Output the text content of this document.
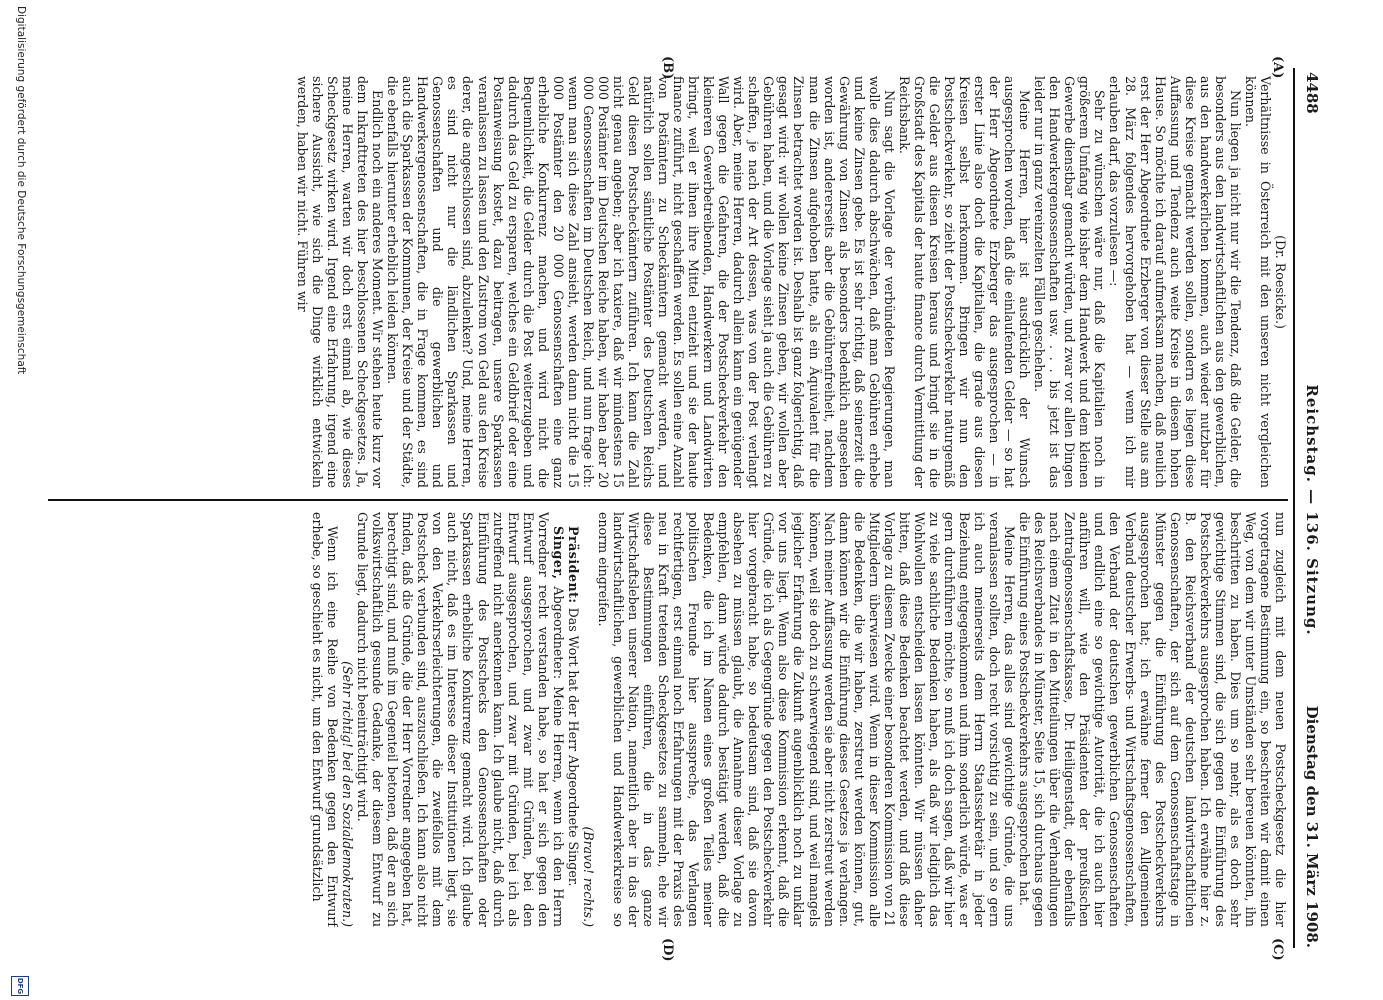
4488
Reichstag. — 136. Sitzung.
Dienstag den 31. März 1908.
(A)
(B)
(C)
(D)

(Dr. Roesicke.)

Verhältnisse in Österreich mit den unseren nicht vergleichen können.

Nun liegen ja nicht nur wir die Tendenz, daß die Gelder, die besonders aus den landwirtschaftlichen aus den gewerblichen, aus den handwerkerlichen kommen, auch wieder nutzbar für diese Kreise gemacht werden sollen, sondern es liegen diese Auffassung und Tendenz auch weite Kreise in diesem hohen Hause. So möchte ich darauf aufmerksam machen, daß neulich erst der Herr Abgeordnete Erzberger von dieser Stelle aus am 28. März folgendes hervorgehoben hat — wenn ich mir erlauben darf, das vorzulesen —:

Sehr zu wünschen wäre nur, daß die Kapitalien noch in größerem Umfang wie bisher dem Handwerk und dem kleinen Gewerbe dienstbar gemacht würden, und zwar vor allen Dingen den Handwerkergenossenschaften usw. . . . bis jetzt ist das leider nur in ganz vereinzelten Fällen geschehen.

Meine Herren, hier ist ausdrücklich der Wunsch ausgesprochen worden, daß die einlaufenden Gelder — so hat der Herr Abgeordnete Erzberger das ausgesprochen — in erster Linie also doch die Kapitalien, die grade aus diesen Kreisen selbst herkommen. Bringen wir nun den Postscheckverkehr, so zieht der Postscheckverkehr naturgemäß die Gelder aus diesen Kreisen heraus und bringt sie in die Großstadt des Kapitals der haute finance durch Vermittlung der Reichsbank.

Nun sagt die Vorlage der verbündeten Regierungen, man wolle dies dadurch abschwächen, daß man Gebühren erhebe und keine Zinsen gebe. Es ist sehr richtig, daß seinerzeit die Gewährung von Zinsen als besonders bedenklich angesehen worden ist, andererseits aber die Gebührenfreiheit, nachdem man die Zinsen aufgehoben hatte, als ein Äquivalent für die Zinsen betrachtet worden ist. Deshalb ist ganz folgerichtig, daß gesagt wird: wir wollen keine Zinsen geben, wir wollen aber Gebühren haben, und die Vorlage sieht ja auch die Gebühren zu schaffen, je nach der Art dessen, was von der Post verlangt wird. Aber, meine Herren, dadurch allein kann ein genügender Wall gegen die Gefahren, die der Postscheckverkehr den kleineren Gewerbetreibenden, Handwerkern und Landwirten bringt, weil er ihnen ihre Mittel entzieht und sie der haute finance zuführt, nicht geschaffen werden. Es sollen eine Anzahl von Postämtern zu Scheckämtern gemacht werden, und natürlich sollen sämtliche Postämter des Deutschen Reichs Geld diesen Postscheckämtern zuführen. Ich kann die Zahl nicht genau angeben; aber ich taxiere, daß wir mindestens 15 000 Postämter im Deutschen Reiche haben, wir haben aber 20 000 Genossenschaften im Deutschen Reich, und nun frage ich: wenn man sich diese Zahl ansieht, werden dann nicht die 15 000 Postämter den 20 000 Genossenschaften eine ganz erhebliche Konkurrenz machen, und wird nicht die Bequemlichkeit, die Gelder durch die Post weiterzugeben und dadurch das Geld zu ersparen, welches ein Geldbrief oder eine Postanweisung kostet, dazu beitragen, unsere Sparkassen veranlassen zu lassen und den Zustrom von Geld aus den Kreise derer, die angeschlossen sind, abzulenken? Und, meine Herren, es sind nicht nur die ländlichen Sparkassen und Genossenschaften und die gewerblichen und Handwerkergenossenschaften, die in Frage kommen, es sind auch die Sparkassen der Kommunen, der Kreise und der Städte, die ebenfalls hierunter erheblich leiden können.

Endlich noch ein anderes Moment. Wir stehen heute kurz vor dem Inkrafttreten des hier beschlossenen Scheckgesetzes. Ja, meine Herren, warten wir doch erst einmal ab, wie dieses Scheckgesetz wirken wird. Irgend eine Erfahrung, irgend eine sichere Aussicht, wie sich die Dinge wirklich entwickeln werden, haben wir nicht. Führen wir

nun zugleich mit dem neuen Postscheckgesetz die hier vorgetragene Bestimmung ein, so beschreiten wir damit einen Weg, von dem wir unter Umständen sehr bereuen könnten, ihn beschritten zu haben. Dies um so mehr, als es doch sehr gewichtige Stimmen sind, die sich gegen die Einführung des Postscheckverkehrs ausgesprochen haben. Ich erwähne hier z. B. den Reichsverband der deutschen landwirtschaftlichen Genossenschaften, der sich auf dem Genossenschaftstage in Münster gegen die Einführung des Postscheckverkehrs ausgesprochen hat; ich erwähne ferner den Allgemeinen Verband deutscher Erwerbs- und Wirtschaftsgenossenschaften, den Verband der deutschen gewerblichen Genossenschaften und endlich eine so gewichtige Autorität, die ich auch hier anführen will, wie den Präsidenten der preußischen Zentralgenossenschaftskasse, Dr. Heiligenstadt, der ebenfalls nach einem Zitat in den Mitteilungen über die Verhandlungen des Reichsverbandes in Münster, Seite 15, sich durchaus gegen die Einführung eines Postscheckverkehrs ausgesprochen hat.

Meine Herren, das alles sind gewichtige Gründe, die uns veranlassen sollten, doch recht vorsichtig zu sein, und so gern ich auch meinerseits dem Herrn Staatssekretär in jeder Beziehung entgegenkommen und ihm sonderlich würde, was er gern durchführen möchte, so muß ich doch sagen, daß wir hier zu viele sachliche Bedenken haben, als daß wir lediglich das Wohlwollen entscheiden lassen könnten. Wir müssen daher bitten, daß diese Bedenken beachtet werden, und daß diese Vorlage zu diesem Zwecke einer besonderen Kommission von 21 Mitgliedern überwiesen wird. Wenn in dieser Kommission alle die Bedenken, die wir haben, zerstreut werden können, gut, dann können wir die Einführung dieses Gesetzes ja verlangen. Nach meiner Auffassung werden sie aber nicht zerstreut werden können, weil sie doch zu schwerwiegend sind, und weil mangels jeglicher Erfahrung die Zukunft augenblicklich noch zu unklar vor uns liegt. Wenn also diese Kommission erkennt, daß die Gründe, die ich als Gegengründe gegen den Postscheckverkehr hier vorgebracht habe, so bedeutsam sind, daß sie davon absehen zu müssen glaubt, die Annahme dieser Vorlage zu empfehlen, dann würde dadurch bestätigt werden, daß die Bedenken, die ich im Namen eines großen Teiles meiner politischen Freunde hier ausspreche, das Verlangen rechtfertigen, erst einmal noch Erfahrungen mit der Praxis des neu in Kraft tretenden Scheckgesetzes zu sammeln, ehe wir diese Bestimmungen einführen, die in das ganze Wirtschaftsleben unserer Nation, namentlich aber in das der landwirtschaftlichen, gewerblichen und Handwerkerkreise so enorm eingreifen.

(Bravo! rechts.)

Präsident: Das Wort hat der Herr Abgeordnete Singer.

Singer, Abgeordneter: Meine Herren, wenn ich den Herrn Vorredner recht verstanden habe, so hat er sich gegen den Entwurf ausgesprochen, und zwar mit Gründen, bei den Entwurf ausgesprochen, und zwar mit Gründen, bei ich als zutreffend nicht anerkennen kann. Ich glaube nicht, daß durch Einführung des Postschecks den Genossenschaften oder Sparkassen erhebliche Konkurrenz gemacht wird. Ich glaube auch nicht, daß es im Interesse dieser Institutionen liegt, sie von den Verkehrserleichterungen, die zweifellos mit dem Postscheck verbunden sind, auszuschließen. Ich kann also nicht finden, daß die Gründe, die der Herr Vorredner angegeben hat, berechtigt sind, und muß im Gegenteil betonen, daß der an sich volkswirtschaftlich gesunde Gedanke, der diesem Entwurf zu Grunde liegt, dadurch nicht beeinträchtigt wird.

(Sehr richtig! bei den Sozialdemokraten.)

Wenn ich eine Reihe von Bedenken gegen den Entwurf erhebe, so geschieht es nicht, um den Entwurf grundsätzlich

Digitalisierung gefördert durch die Deutsche Forschungsgemeinschaft
DFG
